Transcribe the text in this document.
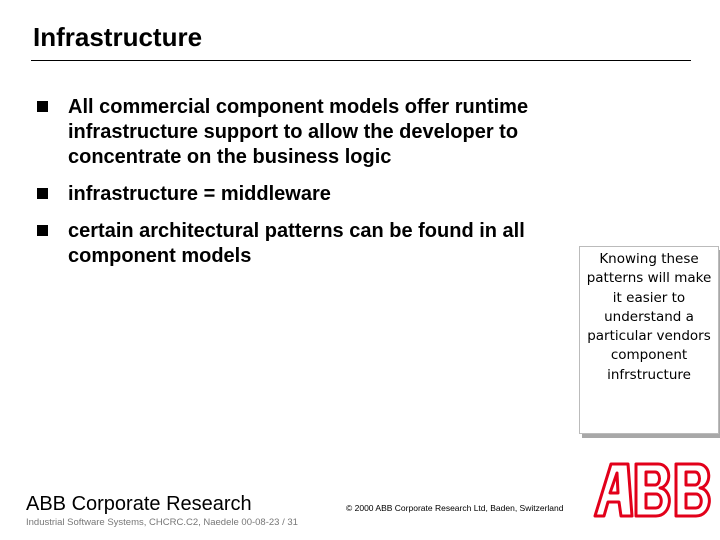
Infrastructure
All commercial component models offer runtime infrastructure support to allow the developer to concentrate on the business logic
infrastructure = middleware
certain architectural patterns can be found in all component models	Knowing these patterns will make it easier to understand a particular vendors component infrstructure
ABB Corporate Research
Industrial Software Systems, CHCRC.C2, Naedele 00-08-23 / 31
© 2000 ABB Corporate Research Ltd, Baden, Switzerland
